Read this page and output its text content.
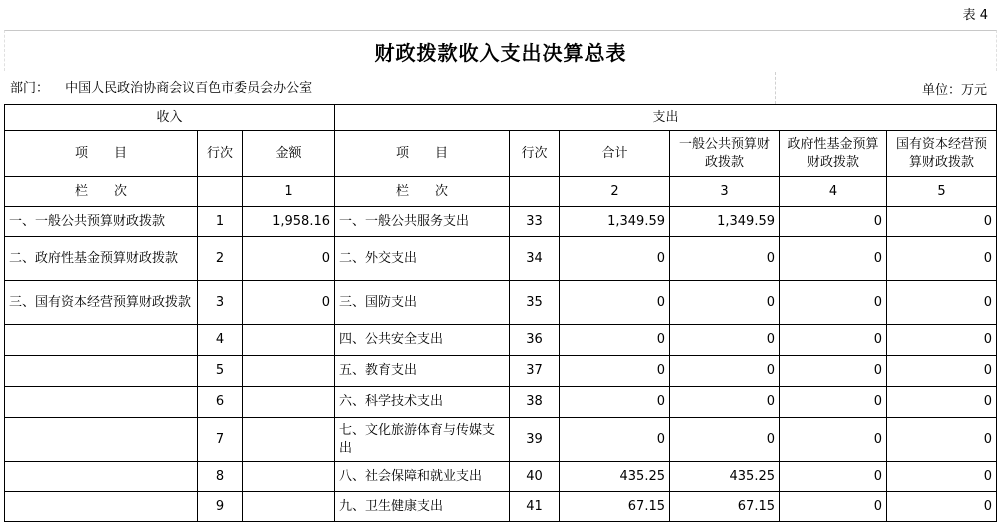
表 4
财政拨款收入支出决算总表
部门： 中国人民政治协商会议百色市委员会办公室	单位：万元
收入			支出					
项　　目	行次	金额	项　　目	行次	合计	一般公共预算财政拨款	政府性基金预算财政拨款	国有资本经营预算财政拨款
栏　　次		1	栏　　次		2	3	4	5
一、一般公共预算财政拨款	1	1,958.16	一、一般公共服务支出	33	1,349.59	1,349.59	0	0
二、政府性基金预算财政拨款	2	0	二、外交支出	34	0	0	0	0
三、国有资本经营预算财政拨款	3	0	三、国防支出	35	0	0	0	0
	4		四、公共安全支出	36	0	0	0	0
	5		五、教育支出	37	0	0	0	0
	6		六、科学技术支出	38	0	0	0	0
	7		七、文化旅游体育与传媒支出	39	0	0	0	0
	8		八、社会保障和就业支出	40	435.25	435.25	0	0
	9		九、卫生健康支出	41	67.15	67.15	0	0
